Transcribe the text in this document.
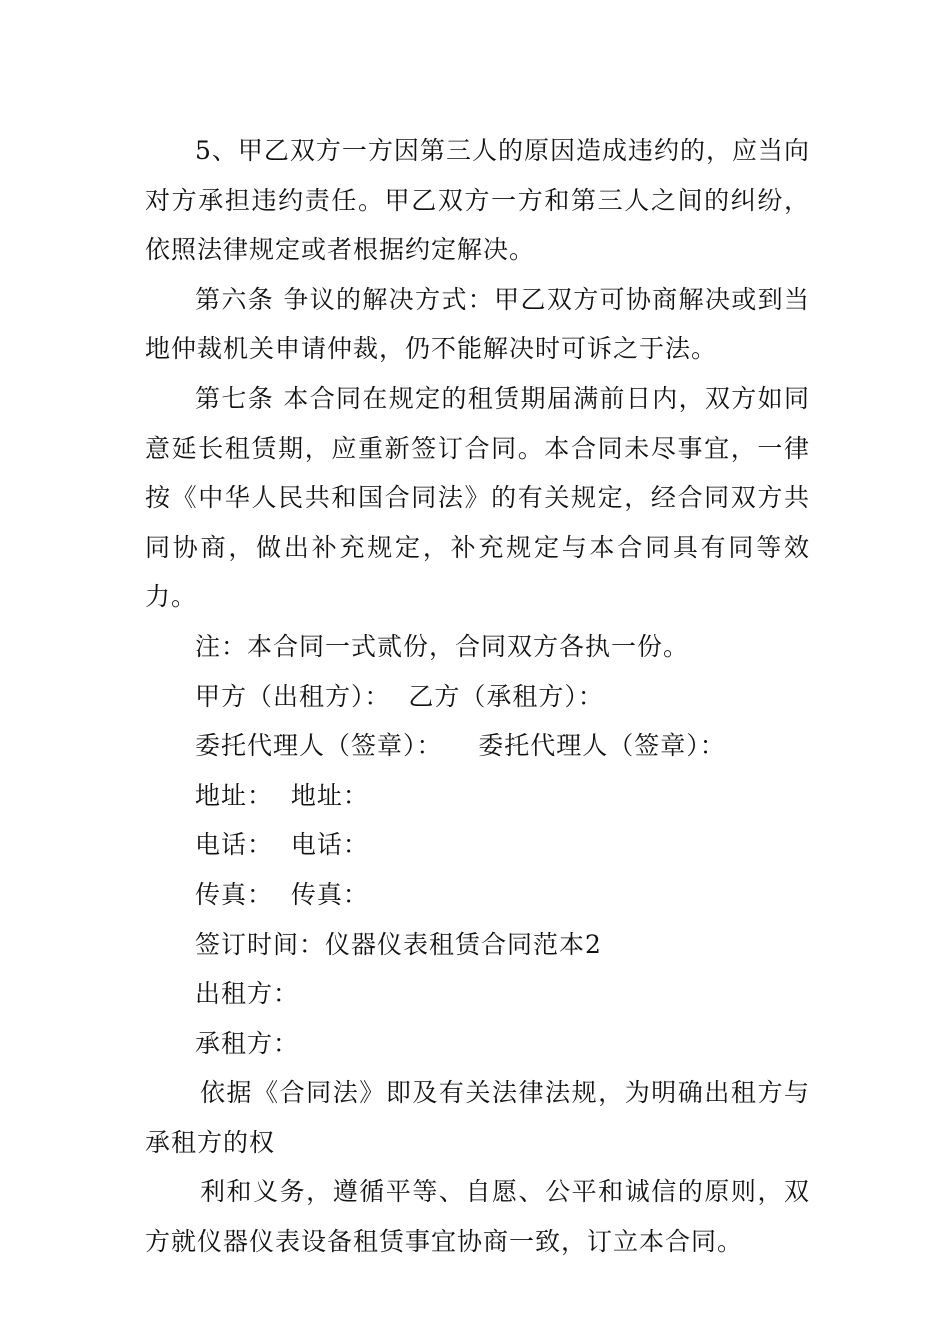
5、甲乙双方一方因第三人的原因造成违约的，应当向对方承担违约责任。甲乙双方一方和第三人之间的纠纷，依照法律规定或者根据约定解决。

第六条 争议的解决方式：甲乙双方可协商解决或到当地仲裁机关申请仲裁，仍不能解决时可诉之于法。

第七条 本合同在规定的租赁期届满前日内，双方如同意延长租赁期，应重新签订合同。本合同未尽事宜，一律按《中华人民共和国合同法》的有关规定，经合同双方共同协商，做出补充规定，补充规定与本合同具有同等效力。

注：本合同一式贰份，合同双方各执一份。

甲方（出租方）：  乙方（承租方）：

委托代理人（签章）：    委托代理人（签章）：

地址：  地址：

电话：  电话：

传真：  传真：

签订时间：仪器仪表租赁合同范本2

出租方：

承租方：

依据《合同法》即及有关法律法规，为明确出租方与承租方的权

利和义务，遵循平等、自愿、公平和诚信的原则，双方就仪器仪表设备租赁事宜协商一致，订立本合同。
